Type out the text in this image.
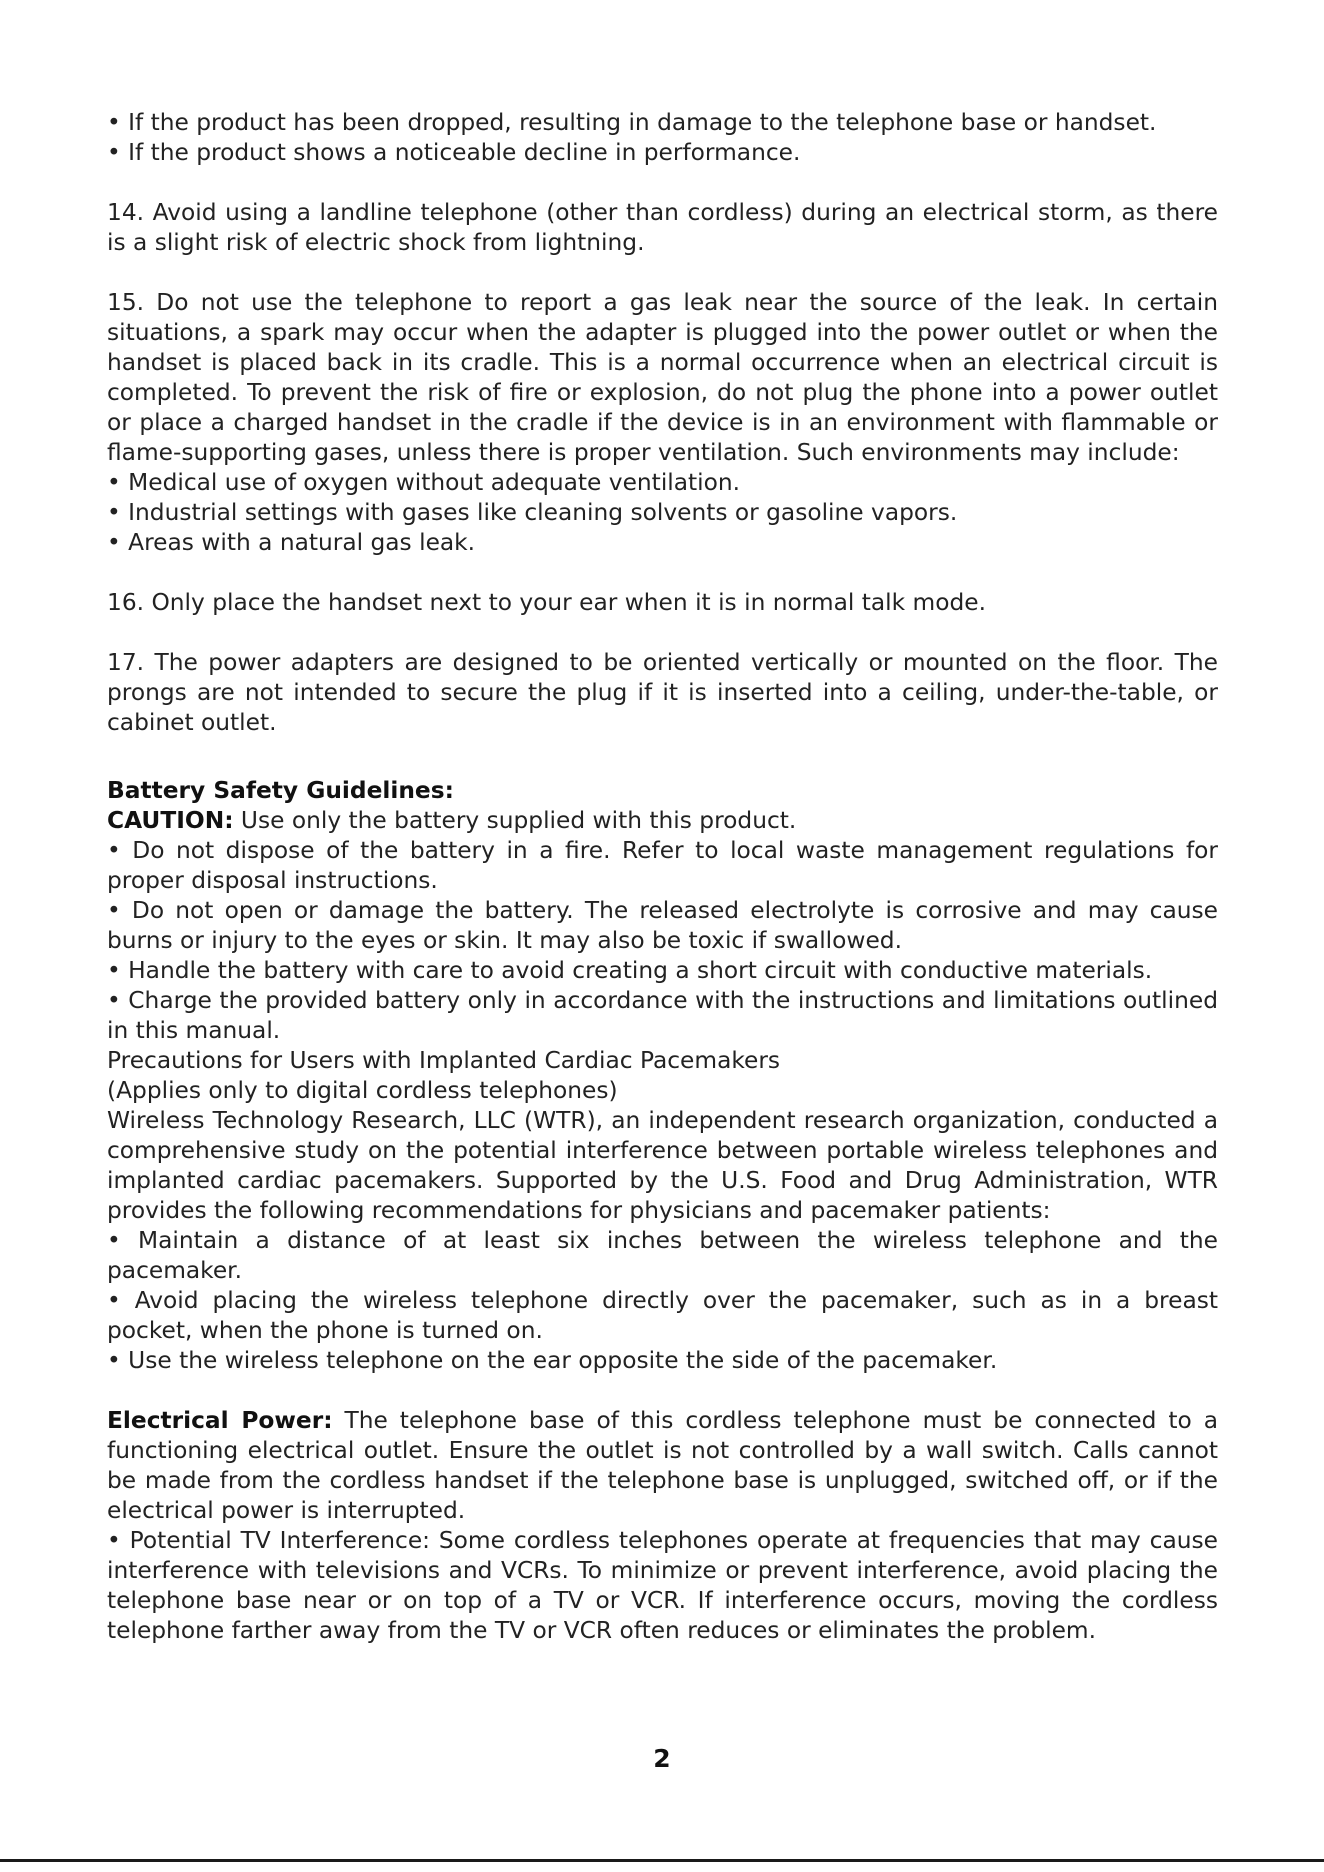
• If the product has been dropped, resulting in damage to the telephone base or handset.

• If the product shows a noticeable decline in performance.

14. Avoid using a landline telephone (other than cordless) during an electrical storm, as there is a slight risk of electric shock from lightning.

15. Do not use the telephone to report a gas leak near the source of the leak. In certain situations, a spark may occur when the adapter is plugged into the power outlet or when the handset is placed back in its cradle. This is a normal occurrence when an electrical circuit is completed. To prevent the risk of fire or explosion, do not plug the phone into a power outlet or place a charged handset in the cradle if the device is in an environment with flammable or flame-supporting gases, unless there is proper ventilation. Such environments may include:

• Medical use of oxygen without adequate ventilation.

• Industrial settings with gases like cleaning solvents or gasoline vapors.

• Areas with a natural gas leak.

16. Only place the handset next to your ear when it is in normal talk mode.

17. The power adapters are designed to be oriented vertically or mounted on the floor. The prongs are not intended to secure the plug if it is inserted into a ceiling, under-the-table, or cabinet outlet.

Battery Safety Guidelines:

CAUTION: Use only the battery supplied with this product.

• Do not dispose of the battery in a fire. Refer to local waste management regulations for proper disposal instructions.

• Do not open or damage the battery. The released electrolyte is corrosive and may cause burns or injury to the eyes or skin. It may also be toxic if swallowed.

• Handle the battery with care to avoid creating a short circuit with conductive materials.

• Charge the provided battery only in accordance with the instructions and limitations outlined in this manual.

Precautions for Users with Implanted Cardiac Pacemakers

(Applies only to digital cordless telephones)

Wireless Technology Research, LLC (WTR), an independent research organization, conducted a comprehensive study on the potential interference between portable wireless telephones and implanted cardiac pacemakers. Supported by the U.S. Food and Drug Administration, WTR provides the following recommendations for physicians and pacemaker patients:

• Maintain a distance of at least six inches between the wireless telephone and the pacemaker.

• Avoid placing the wireless telephone directly over the pacemaker, such as in a breast pocket, when the phone is turned on.

• Use the wireless telephone on the ear opposite the side of the pacemaker.

Electrical Power: The telephone base of this cordless telephone must be connected to a functioning electrical outlet. Ensure the outlet is not controlled by a wall switch. Calls cannot be made from the cordless handset if the telephone base is unplugged, switched off, or if the electrical power is interrupted.

• Potential TV Interference: Some cordless telephones operate at frequencies that may cause interference with televisions and VCRs. To minimize or prevent interference, avoid placing the telephone base near or on top of a TV or VCR. If interference occurs, moving the cordless telephone farther away from the TV or VCR often reduces or eliminates the problem.

2
